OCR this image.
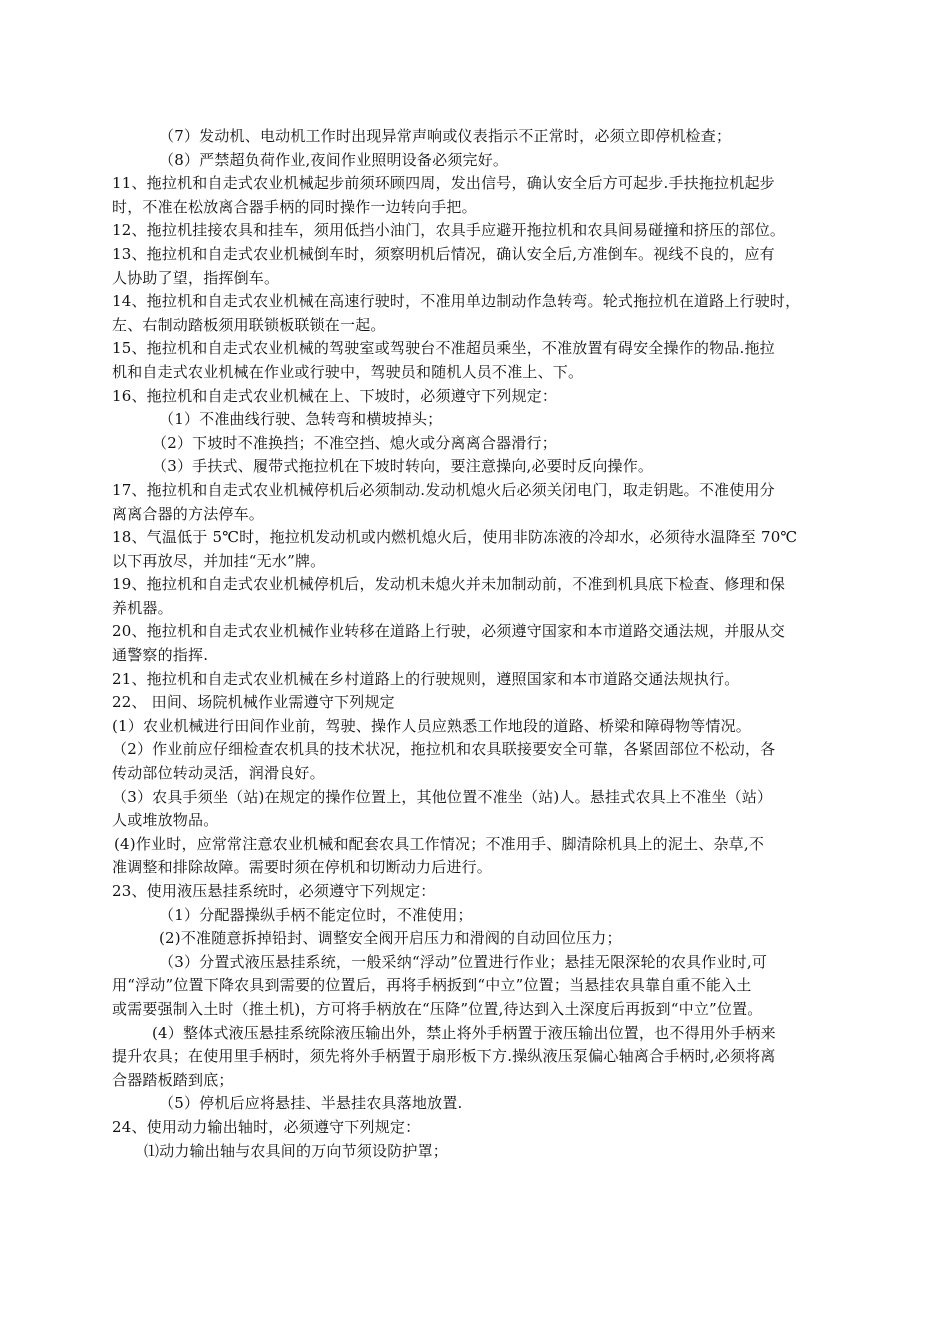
（7）发动机、电动机工作时出现异常声响或仪表指示不正常时，必须立即停机检查；

（8）严禁超负荷作业,夜间作业照明设备必须完好。

11、拖拉机和自走式农业机械起步前须环顾四周，发出信号，确认安全后方可起步.手扶拖拉机起步

时，不准在松放离合器手柄的同时操作一边转向手把。

12、拖拉机挂接农具和挂车，须用低挡小油门，农具手应避开拖拉机和农具间易碰撞和挤压的部位。

13、拖拉机和自走式农业机械倒车时，须察明机后情况，确认安全后,方准倒车。视线不良的，应有

人协助了望，指挥倒车。

14、拖拉机和自走式农业机械在高速行驶时，不准用单边制动作急转弯。轮式拖拉机在道路上行驶时，

左、右制动踏板须用联锁板联锁在一起。

15、拖拉机和自走式农业机械的驾驶室或驾驶台不准超员乘坐，不准放置有碍安全操作的物品.拖拉

机和自走式农业机械在作业或行驶中，驾驶员和随机人员不准上、下。

16、拖拉机和自走式农业机械在上、下坡时，必须遵守下列规定：

（1）不准曲线行驶、急转弯和横坡掉头；

（2）下坡时不准换挡；不准空挡、熄火或分离离合器滑行；

（3）手扶式、履带式拖拉机在下坡时转向，要注意操向,必要时反向操作。

17、拖拉机和自走式农业机械停机后必须制动.发动机熄火后必须关闭电门，取走钥匙。不准使用分

离离合器的方法停车。

18、气温低于 5℃时，拖拉机发动机或内燃机熄火后，使用非防冻液的冷却水，必须待水温降至 70℃

以下再放尽，并加挂“无水”牌。

19、拖拉机和自走式农业机械停机后，发动机未熄火并未加制动前，不准到机具底下检查、修理和保

养机器。

20、拖拉机和自走式农业机械作业转移在道路上行驶，必须遵守国家和本市道路交通法规，并服从交

通警察的指挥.

21、拖拉机和自走式农业机械在乡村道路上的行驶规则，遵照国家和本市道路交通法规执行。

22、 田间、场院机械作业需遵守下列规定

(1）农业机械进行田间作业前，驾驶、操作人员应熟悉工作地段的道路、桥梁和障碍物等情况。

（2）作业前应仔细检查农机具的技术状况，拖拉机和农具联接要安全可靠，各紧固部位不松动，各

传动部位转动灵活，润滑良好。

（3）农具手须坐（站)在规定的操作位置上，其他位置不准坐（站)人。悬挂式农具上不准坐（站）

人或堆放物品。

(4)作业时，应常常注意农业机械和配套农具工作情况；不准用手、脚清除机具上的泥土、杂草,不

准调整和排除故障。需要时须在停机和切断动力后进行。

23、使用液压悬挂系统时，必须遵守下列规定：

（1）分配器操纵手柄不能定位时，不准使用；

(2)不准随意拆掉铅封、调整安全阀开启压力和滑阀的自动回位压力；

（3）分置式液压悬挂系统，一般采纳“浮动”位置进行作业；悬挂无限深轮的农具作业时,可

用“浮动”位置下降农具到需要的位置后，再将手柄扳到“中立”位置；当悬挂农具靠自重不能入土

或需要强制入土时（推土机)，方可将手柄放在“压降”位置,待达到入土深度后再扳到“中立”位置。

(4）整体式液压悬挂系统除液压输出外，禁止将外手柄置于液压输出位置，也不得用外手柄来

提升农具；在使用里手柄时，须先将外手柄置于扇形板下方.操纵液压泵偏心轴离合手柄时,必须将离

合器踏板踏到底；

（5）停机后应将悬挂、半悬挂农具落地放置.

24、使用动力输出轴时，必须遵守下列规定：

⑴动力输出轴与农具间的万向节须设防护罩；
